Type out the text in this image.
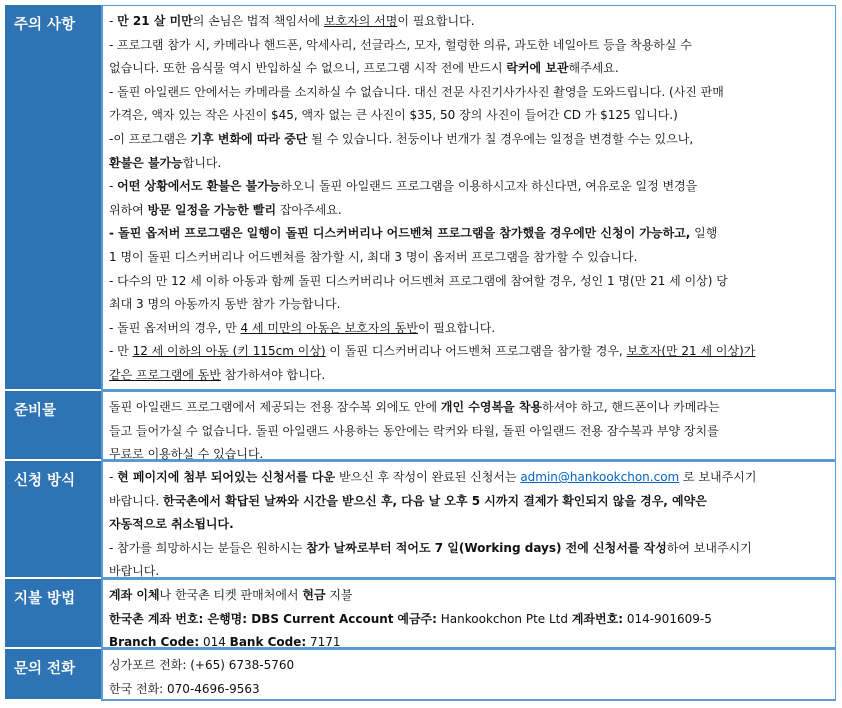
주의 사항	- 만 21 살 미만의 손님은 법적 책임서에 보호자의 서명이 필요합니다.
- 프로그램 참가 시, 카메라나 핸드폰, 악세사리, 선글라스, 모자, 헐렁한 의류, 과도한 네일아트 등을 착용하실 수
없습니다. 또한 음식물 역시 반입하실 수 없으니, 프로그램 시작 전에 반드시 락커에 보관해주세요.
- 돌핀 아일랜드 안에서는 카메라를 소지하실 수 없습니다. 대신 전문 사진기사가사진 촬영을 도와드립니다. (사진 판매
가격은, 액자 있는 작은 사진이 $45, 액자 없는 큰 사진이 $35, 50 장의 사진이 들어간 CD 가 $125 입니다.)
-이 프로그램은 기후 변화에 따라 중단 될 수 있습니다. 천둥이나 번개가 칠 경우에는 일정을 변경할 수는 있으나,
환불은 불가능합니다.
- 어떤 상황에서도 환불은 불가능하오니 돌핀 아일랜드 프로그램을 이용하시고자 하신다면, 여유로운 일정 변경을
위하여 방문 일정을 가능한 빨리 잡아주세요.
- 돌핀 옵저버 프로그램은 일행이 돌핀 디스커버리나 어드벤쳐 프로그램을 참가했을 경우에만 신청이 가능하고, 일행
1 명이 돌핀 디스커버리나 어드벤쳐를 참가할 시, 최대 3 명이 옵저버 프로그램을 참가할 수 있습니다.
- 다수의 만 12 세 이하 아동과 함께 돌핀 디스커버리나 어드벤쳐 프로그램에 참여할 경우, 성인 1 명(만 21 세 이상) 당
최대 3 명의 아동까지 동반 참가 가능합니다.
- 돌핀 옵저버의 경우, 만 4 세 미만의 아동은 보호자의 동반이 필요합니다.
- 만 12 세 이하의 아동 (키 115cm 이상) 이 돌핀 디스커버리나 어드벤쳐 프로그램을 참가할 경우, 보호자(만 21 세 이상)가
같은 프로그램에 동반 참가하셔야 합니다.
준비물	돌핀 아일랜드 프로그램에서 제공되는 전용 잠수복 외에도 안에 개인 수영복을 착용하셔야 하고, 핸드폰이나 카메라는
들고 들어가실 수 없습니다. 돌핀 아일랜드 사용하는 동안에는 락커와 타월, 돌핀 아일랜드 전용 잠수복과 부양 장치를
무료로 이용하실 수 있습니다.
신청 방식	- 현 페이지에 첨부 되어있는 신청서를 다운 받으신 후 작성이 완료된 신청서는 admin@hankookchon.com 로 보내주시기
바랍니다. 한국촌에서 확답된 날짜와 시간을 받으신 후, 다음 날 오후 5 시까지 결제가 확인되지 않을 경우, 예약은
자동적으로 취소됩니다.
- 참가를 희망하시는 분들은 원하시는 참가 날짜로부터 적어도 7 일(Working days) 전에 신청서를 작성하여 보내주시기
바랍니다.
지불 방법	계좌 이체나 한국촌 티켓 판매처에서 현금 지불
한국촌 계좌 번호: 은행명: DBS Current Account 예금주: Hankookchon Pte Ltd 계좌번호: 014-901609-5
Branch Code: 014 Bank Code: 7171
문의 전화	싱가포르 전화: (+65) 6738-5760
한국 전화: 070-4696-9563
